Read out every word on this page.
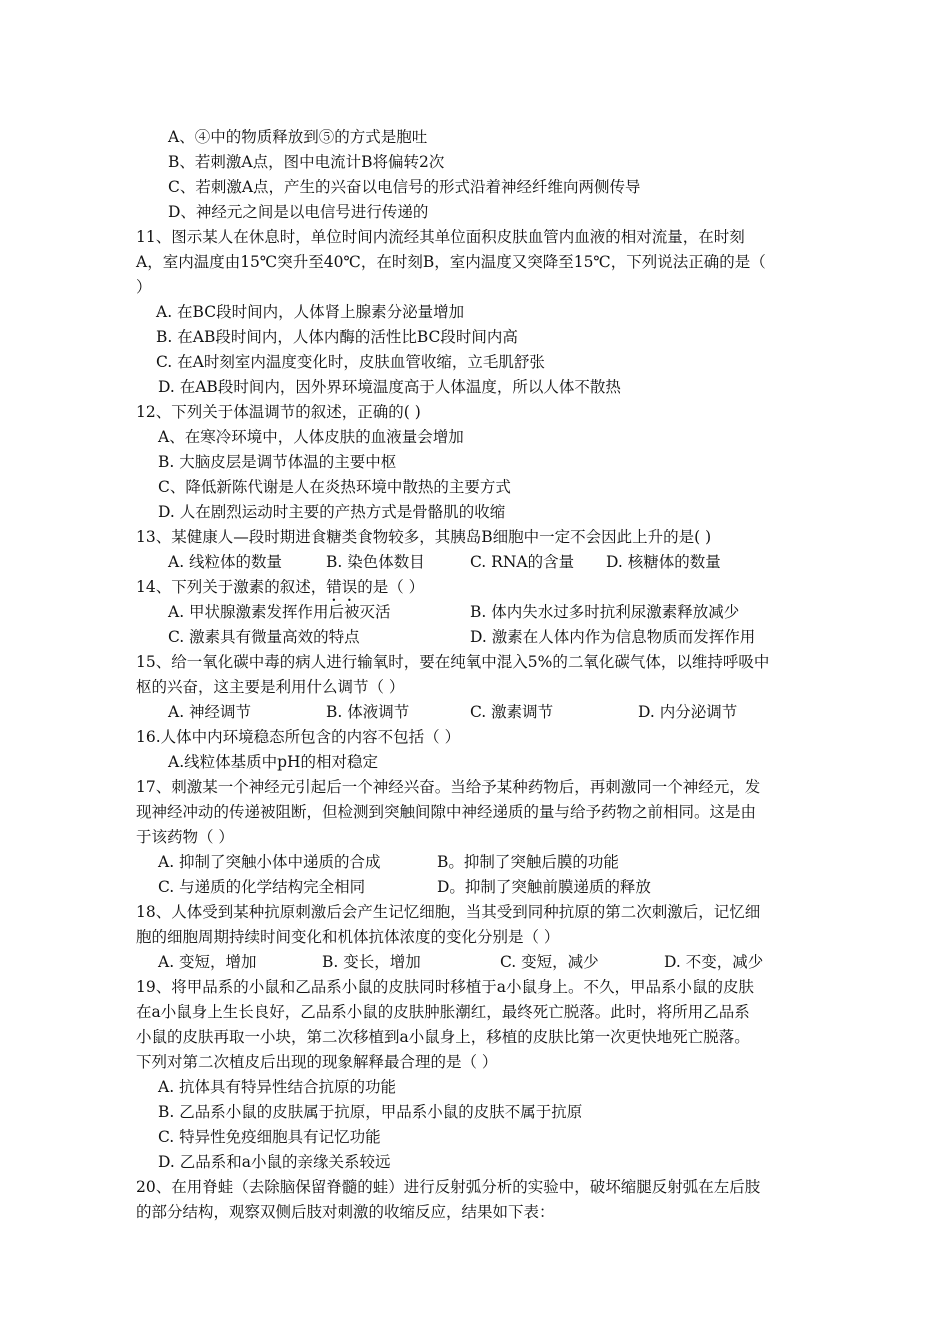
A、④中的物质释放到⑤的方式是胞吐
B、若刺激A点，图中电流计B将偏转2次
C、若刺激A点，产生的兴奋以电信号的形式沿着神经纤维向两侧传导
D、神经元之间是以电信号进行传递的
11、图示某人在休息时，单位时间内流经其单位面积皮肤血管内血液的相对流量，在时刻
A，室内温度由15℃突升至40℃，在时刻B，室内温度又突降至15℃，下列说法正确的是（
）
A. 在BC段时间内，人体肾上腺素分泌量增加
B. 在AB段时间内，人体内酶的活性比BC段时间内高
C. 在A时刻室内温度变化时，皮肤血管收缩，立毛肌舒张
D. 在AB段时间内，因外界环境温度高于人体温度，所以人体不散热
12、下列关于体温调节的叙述，正确的( )
A、在寒冷环境中，人体皮肤的血液量会增加
B. 大脑皮层是调节体温的主要中枢
C、降低新陈代谢是人在炎热环境中散热的主要方式
D. 人在剧烈运动时主要的产热方式是骨骼肌的收缩
13、某健康人—段时期进食糖类食物较多，其胰岛B细胞中一定不会因此上升的是( )
A. 线粒体的数量	B. 染色体数目	C. RNA的含量 D. 核糖体的数量
14、下列关于激素的叙述，错误的是（ ）
A. 甲状腺激素发挥作用后被灭活	B. 体内失水过多时抗利尿激素释放减少
C. 激素具有微量高效的特点	D. 激素在人体内作为信息物质而发挥作用
15、给一氧化碳中毒的病人进行输氧时，要在纯氧中混入5%的二氧化碳气体，以维持呼吸中
枢的兴奋，这主要是利用什么调节（ ）
A. 神经调节	B. 体液调节	C. 激素调节	D. 内分泌调节
16.人体中内环境稳态所包含的内容不包括（ ）
A.线粒体基质中pH的相对稳定
17、刺激某一个神经元引起后一个神经兴奋。当给予某种药物后，再刺激同一个神经元，发
现神经冲动的传递被阻断，但检测到突触间隙中神经递质的量与给予药物之前相同。这是由
于该药物（ ）
A. 抑制了突触小体中递质的合成	B。抑制了突触后膜的功能
C. 与递质的化学结构完全相同	D。抑制了突触前膜递质的释放
18、人体受到某种抗原刺激后会产生记忆细胞，当其受到同种抗原的第二次刺激后，记忆细
胞的细胞周期持续时间变化和机体抗体浓度的变化分别是（ ）
A. 变短，增加	B. 变长，增加	C. 变短，减少	D. 不变，减少
19、将甲品系的小鼠和乙品系小鼠的皮肤同时移植于a小鼠身上。不久，甲品系小鼠的皮肤
在a小鼠身上生长良好，乙品系小鼠的皮肤肿胀潮红，最终死亡脱落。此时，将所用乙品系
小鼠的皮肤再取一小块，第二次移植到a小鼠身上，移植的皮肤比第一次更快地死亡脱落。
下列对第二次植皮后出现的现象解释最合理的是（ ）
A. 抗体具有特异性结合抗原的功能
B. 乙品系小鼠的皮肤属于抗原，甲品系小鼠的皮肤不属于抗原
C. 特异性免疫细胞具有记忆功能
D. 乙品系和a小鼠的亲缘关系较远
20、在用脊蛙（去除脑保留脊髓的蛙）进行反射弧分析的实验中，破坏缩腿反射弧在左后肢
的部分结构，观察双侧后肢对刺激的收缩反应，结果如下表：
